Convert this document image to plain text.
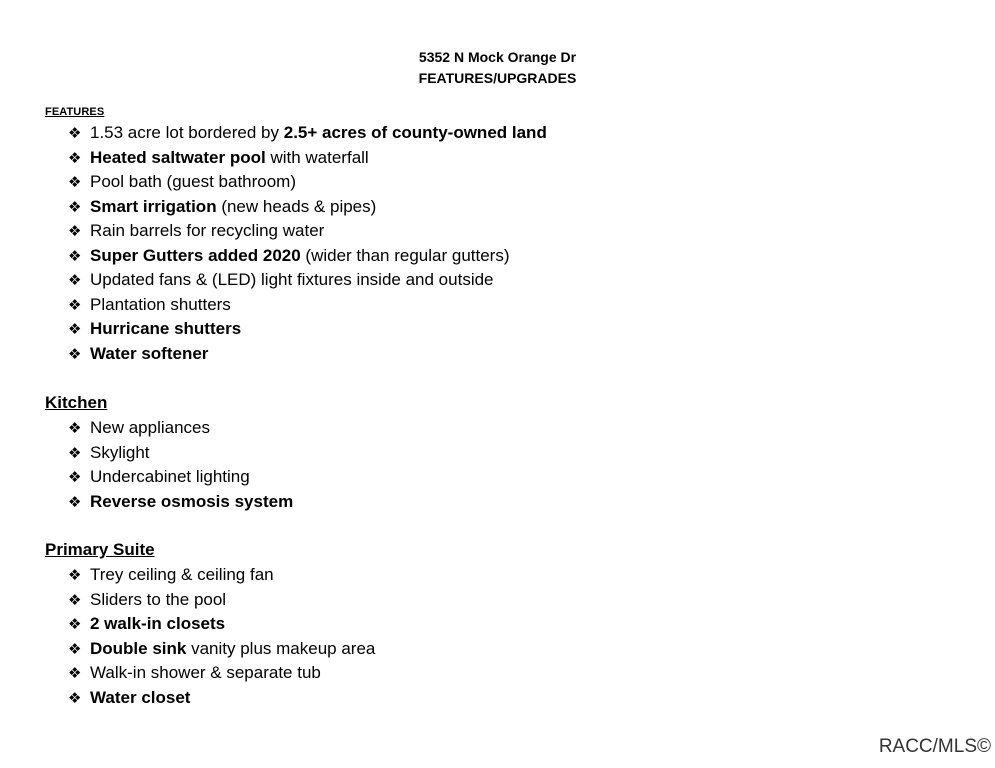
5352 N Mock Orange Dr
FEATURES/UPGRADES
FEATURES
❖ 1.53 acre lot bordered by 2.5+ acres of county-owned land
❖ Heated saltwater pool with waterfall
❖ Pool bath (guest bathroom)
❖ Smart irrigation (new heads & pipes)
❖ Rain barrels for recycling water
❖ Super Gutters added 2020 (wider than regular gutters)
❖ Updated fans & (LED) light fixtures inside and outside
❖ Plantation shutters
❖ Hurricane shutters
❖ Water softener
Kitchen
❖ New appliances
❖ Skylight
❖ Undercabinet lighting
❖ Reverse osmosis system
Primary Suite
❖ Trey ceiling & ceiling fan
❖ Sliders to the pool
❖ 2 walk-in closets
❖ Double sink vanity plus makeup area
❖ Walk-in shower & separate tub
❖ Water closet
RACC/MLS©
